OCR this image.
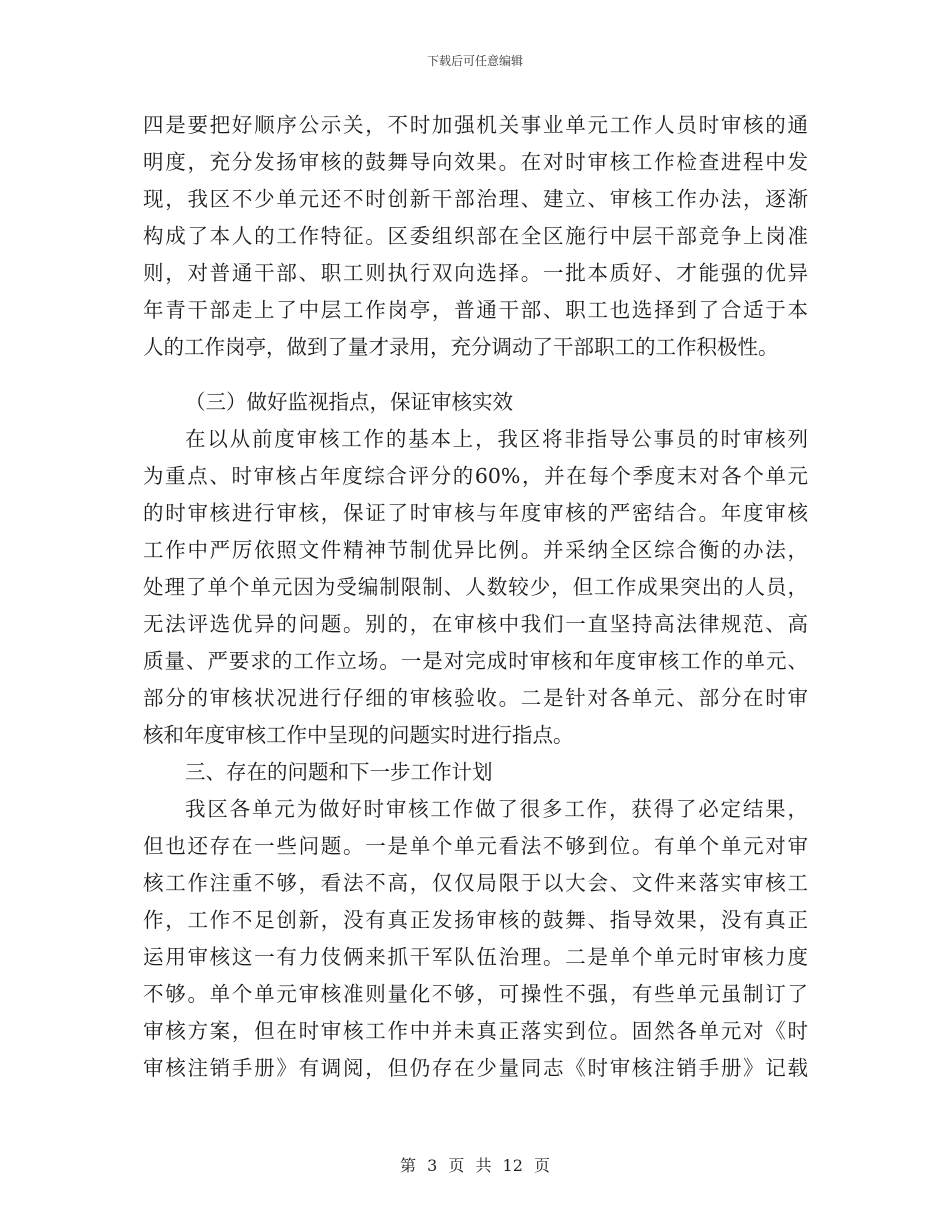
下载后可任意编辑
四是要把好顺序公示关，不时加强机关事业单元工作人员时审核的通
明度，充分发扬审核的鼓舞导向效果。在对时审核工作检查进程中发
现，我区不少单元还不时创新干部治理、建立、审核工作办法，逐渐
构成了本人的工作特征。区委组织部在全区施行中层干部竞争上岗准
则，对普通干部、职工则执行双向选择。一批本质好、才能强的优异
年青干部走上了中层工作岗亭，普通干部、职工也选择到了合适于本
人的工作岗亭，做到了量才录用，充分调动了干部职工的工作积极性。
（三）做好监视指点，保证审核实效
在以从前度审核工作的基本上，我区将非指导公事员的时审核列
为重点、时审核占年度综合评分的60%，并在每个季度末对各个单元
的时审核进行审核，保证了时审核与年度审核的严密结合。年度审核
工作中严厉依照文件精神节制优异比例。并采纳全区综合衡的办法，
处理了单个单元因为受编制限制、人数较少，但工作成果突出的人员，
无法评选优异的问题。别的，在审核中我们一直坚持高法律规范、高
质量、严要求的工作立场。一是对完成时审核和年度审核工作的单元、
部分的审核状况进行仔细的审核验收。二是针对各单元、部分在时审
核和年度审核工作中呈现的问题实时进行指点。
三、存在的问题和下一步工作计划
我区各单元为做好时审核工作做了很多工作，获得了必定结果，
但也还存在一些问题。一是单个单元看法不够到位。有单个单元对审
核工作注重不够，看法不高，仅仅局限于以大会、文件来落实审核工
作，工作不足创新，没有真正发扬审核的鼓舞、指导效果，没有真正
运用审核这一有力伎俩来抓干军队伍治理。二是单个单元时审核力度
不够。单个单元审核准则量化不够，可操性不强，有些单元虽制订了
审核方案，但在时审核工作中并未真正落实到位。固然各单元对《时
审核注销手册》有调阅，但仍存在少量同志《时审核注销手册》记载
第 3 页 共 12 页
